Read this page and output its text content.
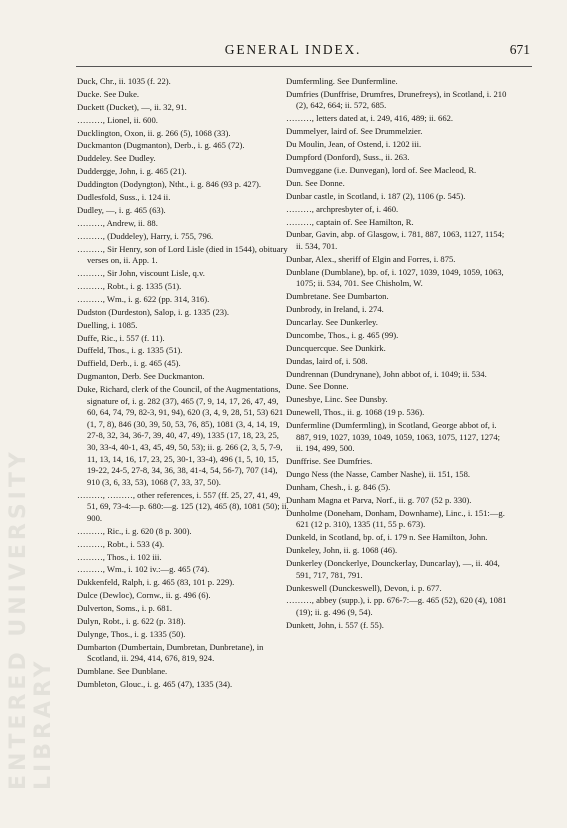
GENERAL INDEX.	671

Duck, Chr., ii. 1035 (f. 22).

Ducke. See Duke.

Duckett (Ducket), —, ii. 32, 91.

………, Lionel, ii. 600.

Ducklington, Oxon, ii. g. 266 (5), 1068 (33).

Duckmanton (Dugmanton), Derb., i. g. 465 (72).

Duddeley. See Dudley.

Duddergge, John, i. g. 465 (21).

Duddington (Dodyngton), Ntht., i. g. 846 (93 p. 427).

Dudlesfold, Suss., i. 124 ii.

Dudley, —, i. g. 465 (63).

………, Andrew, ii. 88.

………, (Duddeley), Harry, i. 755, 796.

………, Sir Henry, son of Lord Lisle (died in 1544), obituary verses on, ii. App. 1.

………, Sir John, viscount Lisle, q.v.

………, Robt., i. g. 1335 (51).

………, Wm., i. g. 622 (pp. 314, 316).

Dudston (Durdeston), Salop, i. g. 1335 (23).

Duelling, i. 1085.

Duffe, Ric., i. 557 (f. 11).

Duffeld, Thos., i. g. 1335 (51).

Duffield, Derb., i. g. 465 (45).

Dugmanton, Derb. See Duckmanton.

Duke, Richard, clerk of the Council, of the Augmentations, signature of, i. g. 282 (37), 465 (7, 9, 14, 17, 26, 47, 49, 60, 64, 74, 79, 82-3, 91, 94), 620 (3, 4, 9, 28, 51, 53) 621 (1, 7, 8), 846 (30, 39, 50, 53, 76, 85), 1081 (3, 4, 14, 19, 27-8, 32, 34, 36-7, 39, 40, 47, 49), 1335 (17, 18, 23, 25, 30, 33-4, 40-1, 43, 45, 49, 50, 53); ii. g. 266 (2, 3, 5, 7-9, 11, 13, 14, 16, 17, 23, 25, 30-1, 33-4), 496 (1, 5, 10, 15, 19-22, 24-5, 27-8, 34, 36, 38, 41-4, 54, 56-7), 707 (14), 910 (3, 6, 33, 53), 1068 (7, 33, 37, 50).

………, ………, other references, i. 557 (ff. 25, 27, 41, 49, 51, 69, 73-4:—p. 680:—g. 125 (12), 465 (8), 1081 (50); ii. 900.

………, Ric., i. g. 620 (8 p. 300).

………, Robt., i. 533 (4).

………, Thos., i. 102 iii.

………, Wm., i. 102 iv.:—g. 465 (74).

Dukkenfeld, Ralph, i. g. 465 (83, 101 p. 229).

Dulce (Dewloc), Cornw., ii. g. 496 (6).

Dulverton, Soms., i. p. 681.

Dulyn, Robt., i. g. 622 (p. 318).

Dulynge, Thos., i. g. 1335 (50).

Dumbarton (Dumbertain, Dumbretan, Dunbretane), in Scotland, ii. 294, 414, 676, 819, 924.

Dumblane. See Dunblane.

Dumbleton, Glouc., i. g. 465 (47), 1335 (34).

Dumfermling. See Dunfermline.

Dumfries (Dunffrise, Drumfres, Drunefreys), in Scotland, i. 210 (2), 642, 664; ii. 572, 685.

………, letters dated at, i. 249, 416, 489; ii. 662.

Dummelyer, laird of. See Drummelzier.

Du Moulin, Jean, of Ostend, i. 1202 iii.

Dumpford (Donford), Suss., ii. 263.

Dumveggane (i.e. Dunvegan), lord of. See Macleod, R.

Dun. See Donne.

Dunbar castle, in Scotland, i. 187 (2), 1106 (p. 545).

………, archpresbyter of, i. 460.

………, captain of. See Hamilton, R.

Dunbar, Gavin, abp. of Glasgow, i. 781, 887, 1063, 1127, 1154; ii. 534, 701.

Dunbar, Alex., sheriff of Elgin and Forres, i. 875.

Dunblane (Dumblane), bp. of, i. 1027, 1039, 1049, 1059, 1063, 1075; ii. 534, 701. See Chisholm, W.

Dumbretane. See Dumbarton.

Dunbrody, in Ireland, i. 274.

Duncarlay. See Dunkerley.

Duncombe, Thos., i. g. 465 (99).

Duncquercque. See Dunkirk.

Dundas, laird of, i. 508.

Dundrennan (Dundrynane), John abbot of, i. 1049; ii. 534.

Dune. See Donne.

Dunesbye, Linc. See Dunsby.

Dunewell, Thos., ii. g. 1068 (19 p. 536).

Dunfermline (Dumfermling), in Scotland, George abbot of, i. 887, 919, 1027, 1039, 1049, 1059, 1063, 1075, 1127, 1274; ii. 194, 499, 500.

Dunffrise. See Dumfries.

Dungo Ness (the Nasse, Camber Nashe), ii. 151, 158.

Dunham, Chesh., i. g. 846 (5).

Dunham Magna et Parva, Norf., ii. g. 707 (52 p. 330).

Dunholme (Doneham, Donham, Downhame), Linc., i. 151:—g. 621 (12 p. 310), 1335 (11, 55 p. 673).

Dunkeld, in Scotland, bp. of, i. 179 n. See Hamilton, John.

Dunkeley, John, ii. g. 1068 (46).

Dunkerley (Donckerlye, Dounckerlay, Duncarlay), —, ii. 404, 591, 717, 781, 791.

Dunkeswell (Dunckeswell), Devon, i. p. 677.

………, abbey (supp.), i. pp. 676-7:—g. 465 (52), 620 (4), 1081 (19); ii. g. 496 (9, 54).

Dunkett, John, i. 557 (f. 55).

ENTERED UNIVERSITY LIBRARY
